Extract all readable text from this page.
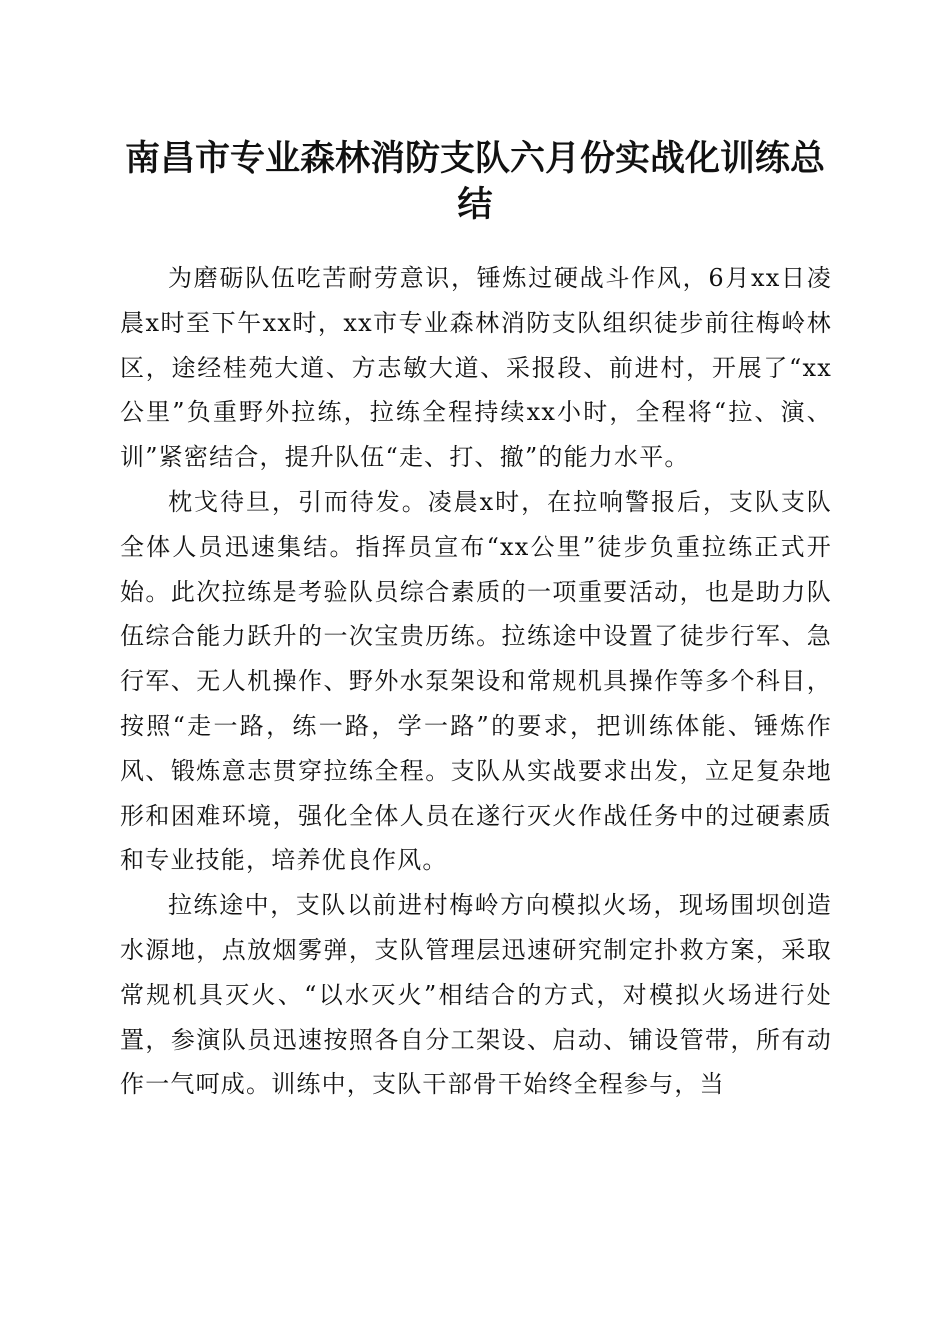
南昌市专业森林消防支队六月份实战化训练总结

为磨砺队伍吃苦耐劳意识，锤炼过硬战斗作风，6月xx日凌晨x时至下午xx时，xx市专业森林消防支队组织徒步前往梅岭林区，途经桂苑大道、方志敏大道、采报段、前进村，开展了“xx公里”负重野外拉练，拉练全程持续xx小时，全程将“拉、演、训”紧密结合，提升队伍“走、打、撤”的能力水平。

枕戈待旦，引而待发。凌晨x时，在拉响警报后，支队支队全体人员迅速集结。指挥员宣布“xx公里”徒步负重拉练正式开始。此次拉练是考验队员综合素质的一项重要活动，也是助力队伍综合能力跃升的一次宝贵历练。拉练途中设置了徒步行军、急行军、无人机操作、野外水泵架设和常规机具操作等多个科目，按照“走一路，练一路，学一路”的要求，把训练体能、锤炼作风、锻炼意志贯穿拉练全程。支队从实战要求出发，立足复杂地形和困难环境，强化全体人员在遂行灭火作战任务中的过硬素质和专业技能，培养优良作风。

拉练途中，支队以前进村梅岭方向模拟火场，现场围坝创造水源地，点放烟雾弹，支队管理层迅速研究制定扑救方案，采取常规机具灭火、“以水灭火”相结合的方式，对模拟火场进行处置，参演队员迅速按照各自分工架设、启动、铺设管带，所有动作一气呵成。训练中，支队干部骨干始终全程参与，当
